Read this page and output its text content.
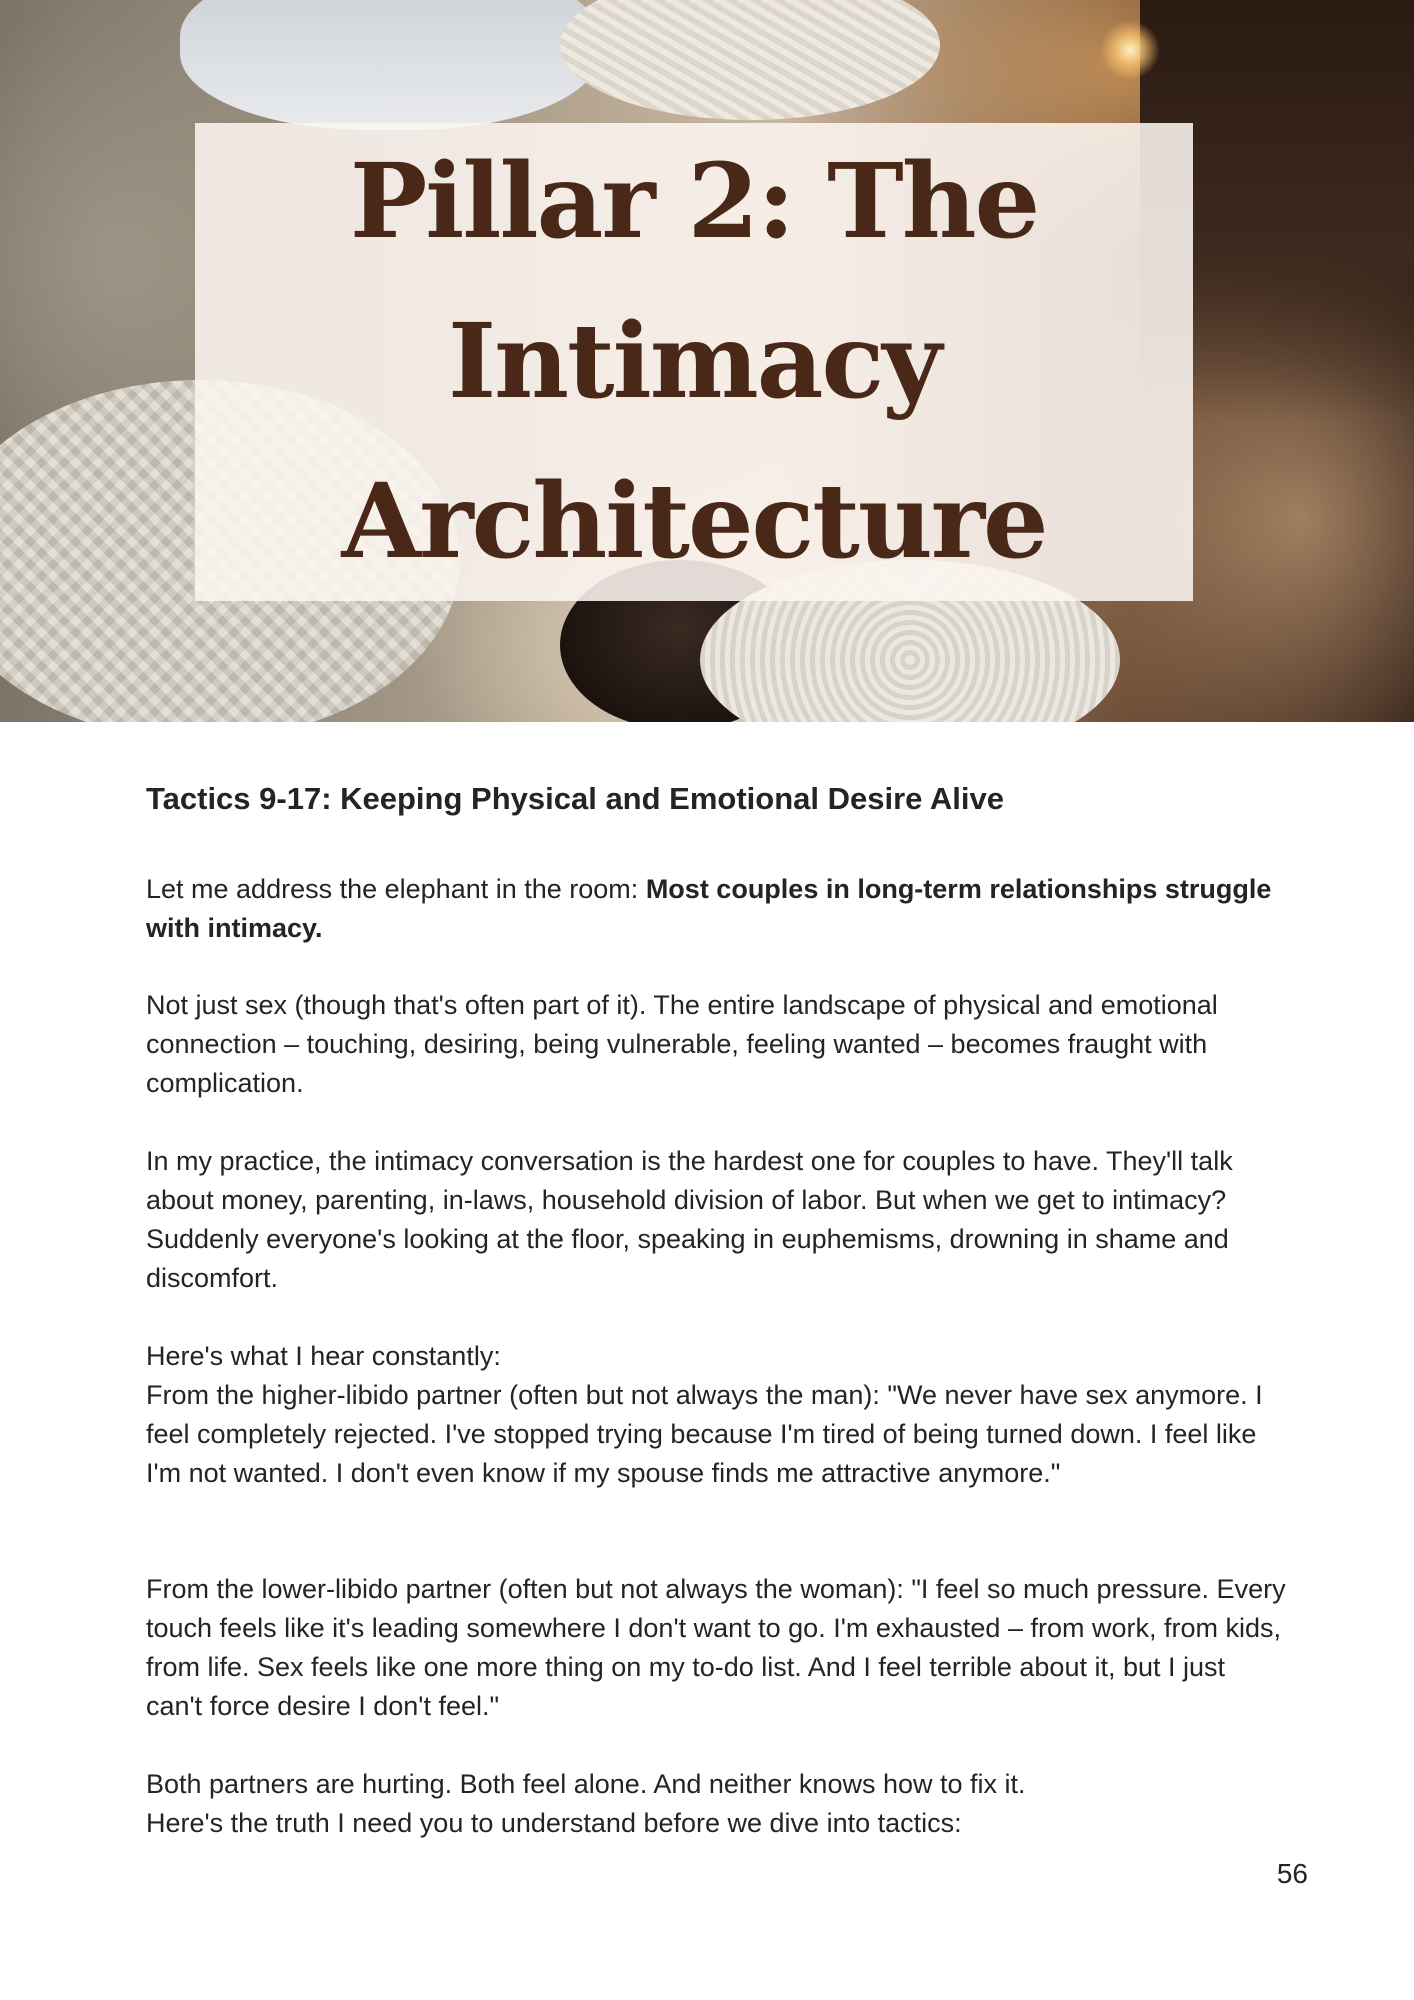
Pillar 2: The Intimacy Architecture
Tactics 9-17: Keeping Physical and Emotional Desire Alive

Let me address the elephant in the room: Most couples in long-term relationships struggle with intimacy.

Not just sex (though that's often part of it). The entire landscape of physical and emotional connection – touching, desiring, being vulnerable, feeling wanted – becomes fraught with complication.

In my practice, the intimacy conversation is the hardest one for couples to have. They'll talk about money, parenting, in-laws, household division of labor. But when we get to intimacy? Suddenly everyone's looking at the floor, speaking in euphemisms, drowning in shame and discomfort.

Here's what I hear constantly:
From the higher-libido partner (often but not always the man): "We never have sex anymore. I feel completely rejected. I've stopped trying because I'm tired of being turned down. I feel like I'm not wanted. I don't even know if my spouse finds me attractive anymore."

From the lower-libido partner (often but not always the woman): "I feel so much pressure. Every touch feels like it's leading somewhere I don't want to go. I'm exhausted – from work, from kids, from life. Sex feels like one more thing on my to-do list. And I feel terrible about it, but I just can't force desire I don't feel."

Both partners are hurting. Both feel alone. And neither knows how to fix it.
Here's the truth I need you to understand before we dive into tactics:

56
